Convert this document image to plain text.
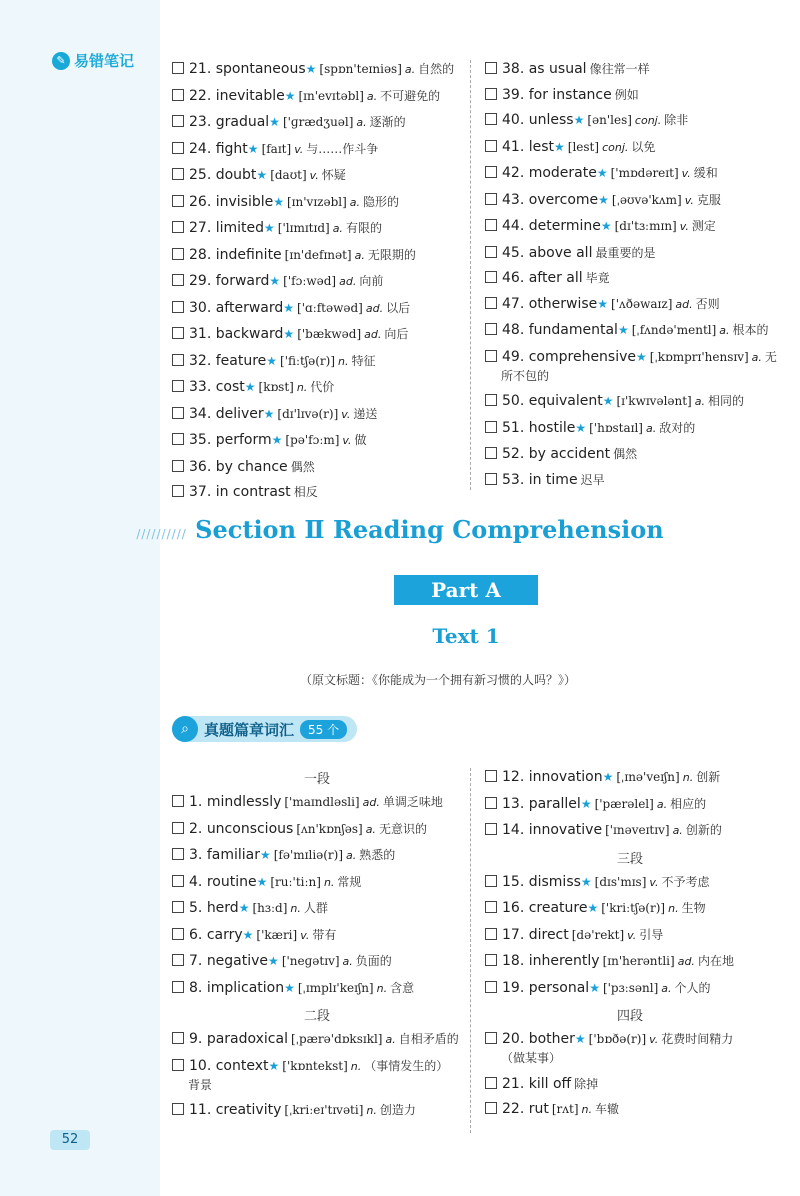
✎ 易错笔记	21. spontaneous★ [spɒn'teɪniəs] a. 自然的
22. inevitable★ [ɪn'evɪtəbl] a. 不可避免的
23. gradual★ ['ɡrædʒuəl] a. 逐渐的
24. fight★ [faɪt] v. 与……作斗争
25. doubt★ [daʊt] v. 怀疑
26. invisible★ [ɪn'vɪzəbl] a. 隐形的
27. limited★ ['lɪmɪtɪd] a. 有限的
28. indefinite [ɪn'defɪnət] a. 无限期的
29. forward★ ['fɔːwəd] ad. 向前
30. afterward★ ['ɑːftəwəd] ad. 以后
31. backward★ ['bækwəd] ad. 向后
32. feature★ ['fiːtʃə(r)] n. 特征
33. cost★ [kɒst] n. 代价
34. deliver★ [dɪ'lɪvə(r)] v. 递送
35. perform★ [pə'fɔːm] v. 做
36. by chance 偶然
37. in contrast 相反
38. as usual 像往常一样
39. for instance 例如
40. unless★ [ən'les] conj. 除非
41. lest★ [lest] conj. 以免
42. moderate★ ['mɒdəreɪt] v. 缓和
43. overcome★ [ˌəʊvə'kʌm] v. 克服
44. determine★ [dɪ'tɜːmɪn] v. 测定
45. above all 最重要的是
46. after all 毕竟
47. otherwise★ ['ʌðəwaɪz] ad. 否则
48. fundamental★ [ˌfʌndə'mentl] a. 根本的
49. comprehensive★ [ˌkɒmprɪ'hensɪv] a. 无
所不包的
50. equivalent★ [ɪ'kwɪvələnt] a. 相同的
51. hostile★ ['hɒstaɪl] a. 敌对的
52. by accident 偶然
53. in time 迟早
////////// Section Ⅱ Reading Comprehension
Part A
Text 1
（原文标题：《你能成为一个拥有新习惯的人吗？》）
⌕	真题篇章词汇	55 个
一段
1. mindlessly ['maɪndləsli] ad. 单调乏味地
2. unconscious [ʌn'kɒnʃəs] a. 无意识的
3. familiar★ [fə'mɪliə(r)] a. 熟悉的
4. routine★ [ruː'tiːn] n. 常规
5. herd★ [hɜːd] n. 人群
6. carry★ ['kæri] v. 带有
7. negative★ ['neɡətɪv] a. 负面的
8. implication★ [ˌɪmplɪ'keɪʃn] n. 含意
二段
9. paradoxical [ˌpærə'dɒksɪkl] a. 自相矛盾的
10. context★ ['kɒntekst] n. （事情发生的）
背景
11. creativity [ˌkriːeɪ'tɪvəti] n. 创造力
12. innovation★ [ˌɪnə'veɪʃn] n. 创新
13. parallel★ ['pærəlel] a. 相应的
14. innovative ['ɪnəveɪtɪv] a. 创新的
三段
15. dismiss★ [dɪs'mɪs] v. 不予考虑
16. creature★ ['kriːtʃə(r)] n. 生物
17. direct [də'rekt] v. 引导
18. inherently [ɪn'herəntli] ad. 内在地
19. personal★ ['pɜːsənl] a. 个人的
四段
20. bother★ ['bɒðə(r)] v. 花费时间精力
（做某事）
21. kill off 除掉
22. rut [rʌt] n. 车辙
52
